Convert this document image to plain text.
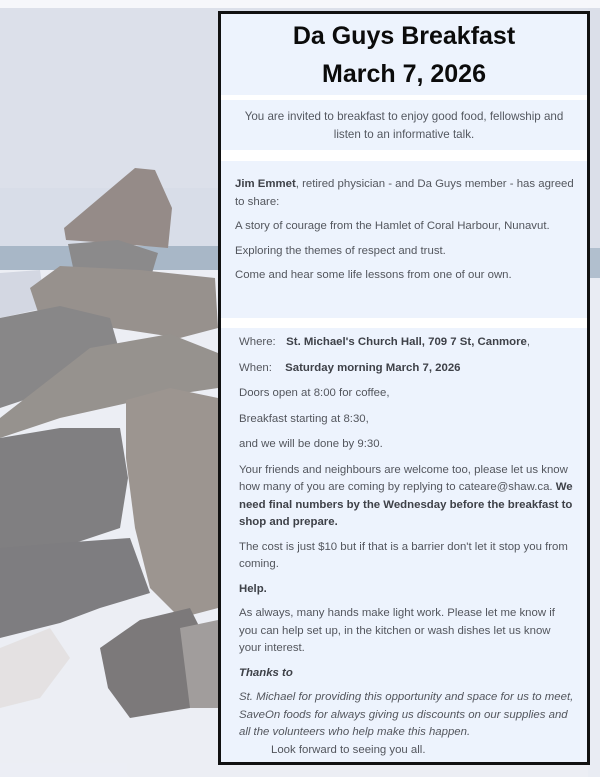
Da Guys Breakfast
March 7, 2026
You are invited to breakfast to enjoy good food, fellowship and listen to an informative talk.

Jim Emmet, retired physician - and Da Guys member - has agreed to share:

A story of courage from the Hamlet of Coral Harbour, Nunavut.

Exploring the themes of respect and trust.

Come and hear some life lessons from one of our own.

Where: St. Michael's Church Hall, 709 7 St, Canmore,

When: Saturday morning March 7, 2026

Doors open at 8:00 for coffee,

Breakfast starting at 8:30,

and we will be done by 9:30.

Your friends and neighbours are welcome too, please let us know how many of you are coming by replying to cateare@shaw.ca. We need final numbers by the Wednesday before the breakfast to shop and prepare.

The cost is just $10 but if that is a barrier don't let it stop you from coming.

Help.

As always, many hands make light work. Please let me know if you can help set up, in the kitchen or wash dishes let us know your interest.

Thanks to

St. Michael for providing this opportunity and space for us to meet, SaveOn foods for always giving us discounts on our supplies and all the volunteers who help make this happen.

Look forward to seeing you all.
